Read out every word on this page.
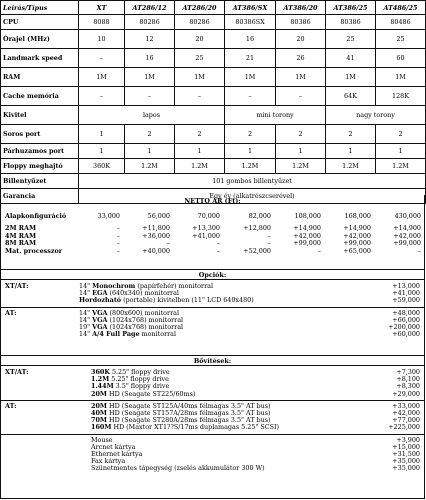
Leírás/Típus	XT	AT286/12	AT286/20	AT386/SX	AT386/20	AT386/25	AT486/25
CPU	8088	80286	80286	80386SX	80386	80386	80486
Órajel (MHz)	10	12	20	16	20	25	25
Landmark speed	–	16	25	21	26	41	60
RAM	1M	1M	1M	1M	1M	1M	1M
Cache memória	–	–	–	–	–	64K	128K
Kivitel	lapos			mini torony		nagy torony	
Soros port	1	2	2	2	2	2	2
Párhuzamos port	1	1	1	1	1	1	1
Floppy meghajtó	360K	1.2M	1.2M	1.2M	1.2M	1.2M	1.2M
Billentyűzet	101 gombos billentyűzet						
Garancia	Egy év (alkatrészcserével)						
NETTO ÁR (Ft):
Alapkonfiguráció	33,000	56,000	70,000	82,000	108,000	168,000	430,000

2M RAM	–	+11,800	+13,300	+12,800	+14,900	+14,900	+14,900
4M RAM	–	+36,000	+41,000	–	+42,000	+42,000	+42,000
8M RAM	–	–	–	–	+99,000	+99,000	+99,000
Mat. processzor	–	+40,000	–	+52,000	–	+65,000	–
Opciók:
XT/AT:	14" Monochrom (papírfehér) monitorral	+13,000
14" EGA (640x340) monitorral	+41,000
Hordozható (portable) kivitelben (11" LCD 640x480)	+59,000
AT:	14" VGA (800x600) monitorral	+48,000
14" VGA (1024x768) monitorral	+66,000
19" VGA (1024x768) monitorral	+200,000
14" A/4 Full Page monitorral	+60,000
Bővítések:
XT/AT:	360K 5.25" floppy drive	+7,300
1.2M 5.25" floppy drive	+8,100
1.44M 3.5" floppy drive	+8,300
20M HD (Seagate ST225/60ms)	+29,000
AT:	20M HD (Seagate ST125A/40ms félmagas 3.5" AT bus)	+33,000
40M HD (Seagate ST157A/28ms félmagas 3.5" AT bus)	+42,000
70M HD (Seagate ST280A/28ms félmagas 3.5" AT bus)	+77,000
160M HD (Maxtor XT1??S/17ms duplamagas 5.25" SCSI)	+225,000
Mouse	+3,900
Arcnet kártya	+15,000
Ethernet kártya	+31,500
Fax kártya	+35,000
Szünetmentes tápegység (zselés akkumulátor 300 W)	+35,000
